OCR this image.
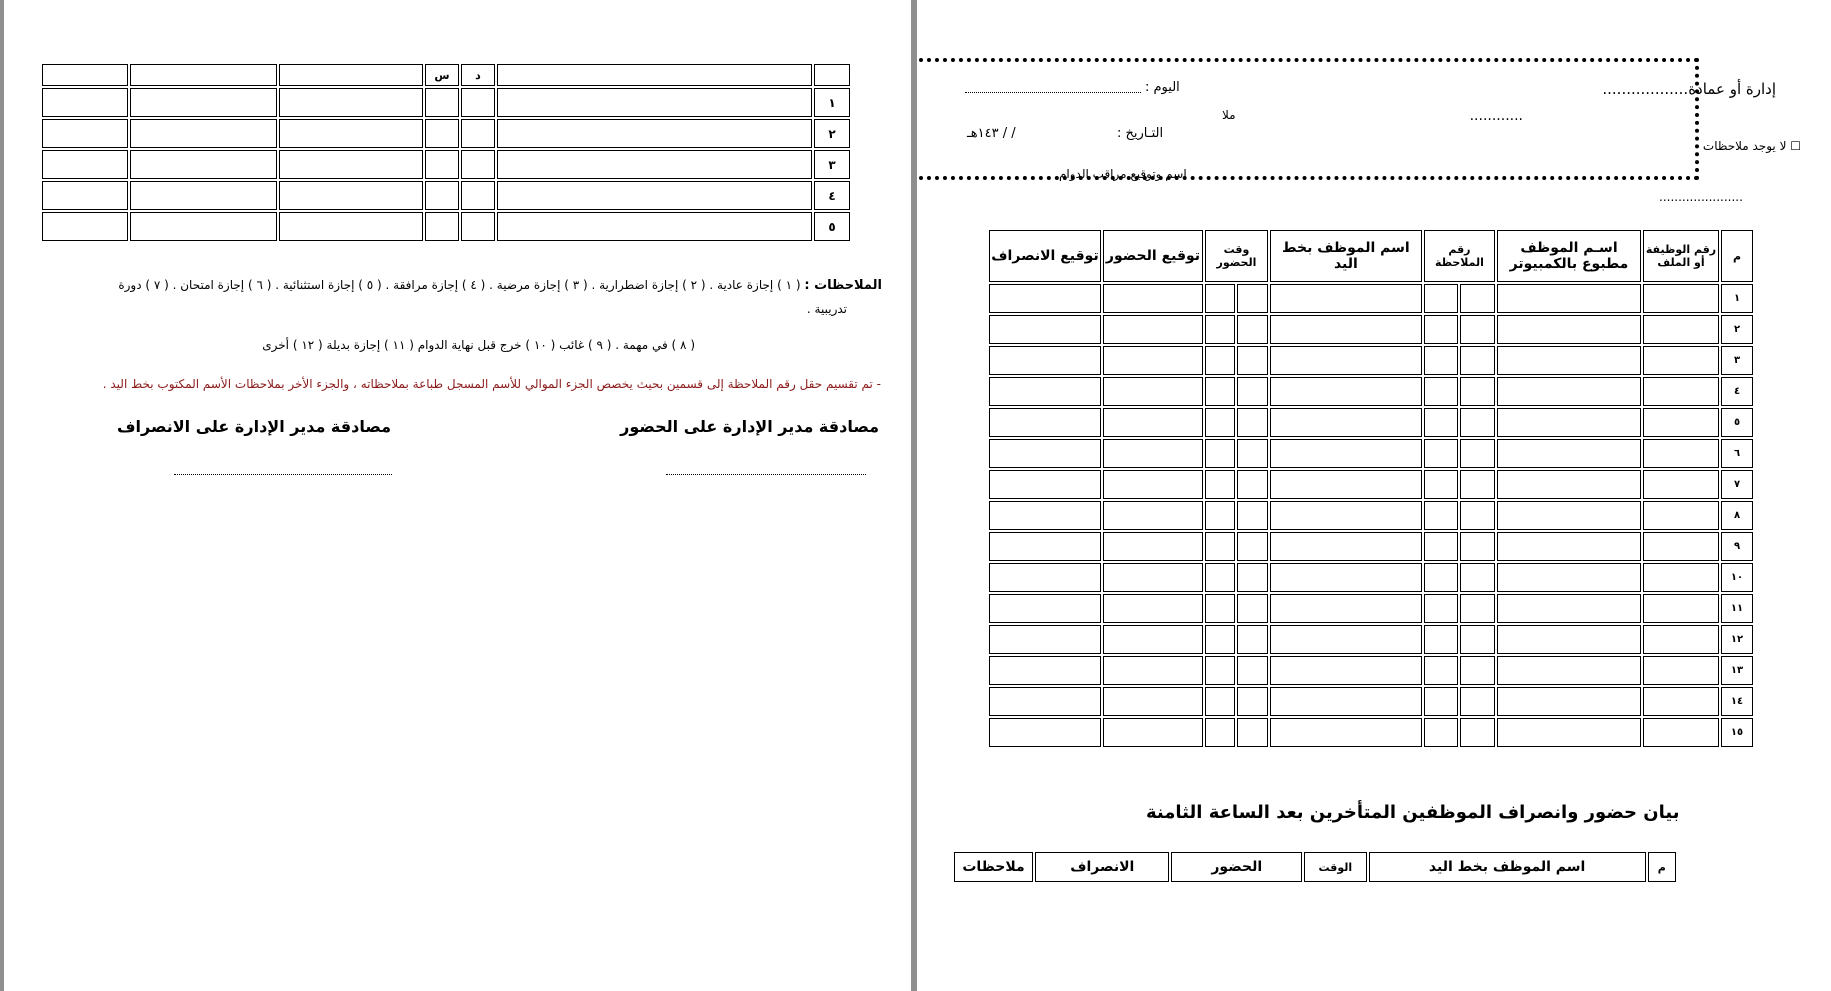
			س	د		
						١
						٢
						٣
						٤
						٥
الملاحظات : ( ١ ) إجازة عادية . ( ٢ ) إجازة اضطرارية . ( ٣ ) إجازة مرضية . ( ٤ ) إجازة مرافقة . ( ٥ ) إجازة استثنائية . ( ٦ ) إجازة امتحان . ( ٧ ) دورة
تدريبية .
( ٨ ) في مهمة . ( ٩ ) غائب ( ١٠ ) خرج قبل نهاية الدوام ( ١١ ) إجازة بديلة ( ١٢ ) أخرى
- تم تقسيم حقل رقم الملاحظة إلى قسمين بحيث يخصص الجزء الموالي للأسم المسجل طباعة بملاحظاته ، والجزء الأخر بملاحظات الأسم المكتوب بخط اليد .
مصادقة مدير الإدارة على الحضور
مصادقة مدير الإدارة على الانصراف
إدارة أو عمادة..................
............
اليوم :
ملا
التـاريخ :
/ / ١٤٣هـ
☐ لا يوجد ملاحظات
اسم وتوقيع مراقب الدوام
......................
توقيع الانصراف	توقيع الحضور	وقت الحضور		اسم الموظف بخط اليد	رقم الملاحظة		اسـم الموظف مطبوع بالكمبيوتر	رقم الوظيفة أو الملف	م
									١
									٢
									٣
									٤
									٥
									٦
									٧
									٨
									٩
									١٠
									١١
									١٢
									١٣
									١٤
									١٥
بيان حضور وانصراف الموظفين المتأخرين بعد الساعة الثامنة
ملاحظات	الانصراف	الحضور	الوقت	اسم الموظف بخط اليد	م
